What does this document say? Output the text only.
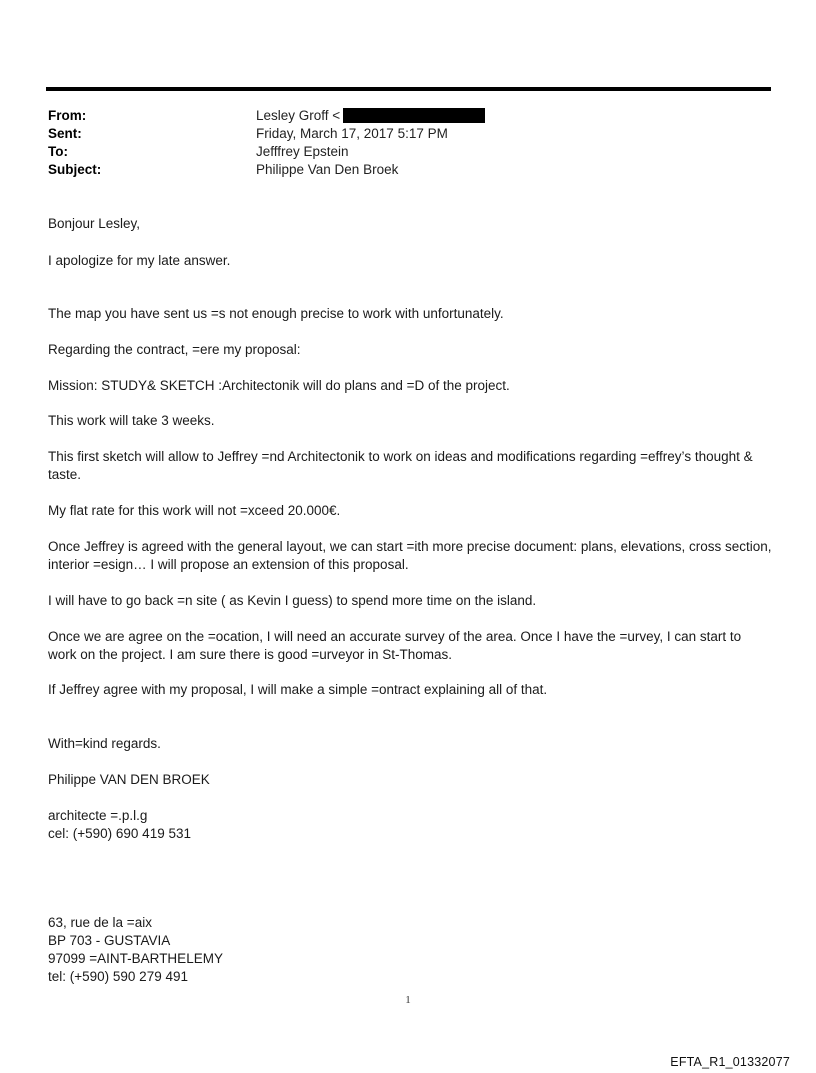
From:	Lesley Groff <
Sent:	Friday, March 17, 2017 5:17 PM
To:	Jefffrey Epstein
Subject:	Philippe Van Den Broek

Bonjour Lesley,

I apologize for my late answer.

The map you have sent us =s not enough precise to work with unfortunately.

Regarding the contract, =ere my proposal:

Mission: STUDY& SKETCH :Architectonik will do plans and =D of the project.

This work will take 3 weeks.

This first sketch will allow to Jeffrey =nd Architectonik to work on ideas and modifications regarding =effrey’s thought &

taste.

My flat rate for this work will not =xceed 20.000€.

Once Jeffrey is agreed with the general layout, we can start =ith more precise document: plans, elevations, cross section,

interior =esign… I will propose an extension of this proposal.

I will have to go back =n site ( as Kevin I guess) to spend more time on the island.

Once we are agree on the =ocation, I will need an accurate survey of the area. Once I have the =urvey, I can start to

work on the project. I am sure there is good =urveyor in St-Thomas.

If Jeffrey agree with my proposal, I will make a simple =ontract explaining all of that.

With=kind regards.

Philippe VAN DEN BROEK

architecte =.p.l.g

cel: (+590) 690 419 531

63, rue de la =aix

BP 703 - GUSTAVIA

97099 =AINT-BARTHELEMY

tel: (+590) 590 279 491

1
EFTA_R1_01332077
